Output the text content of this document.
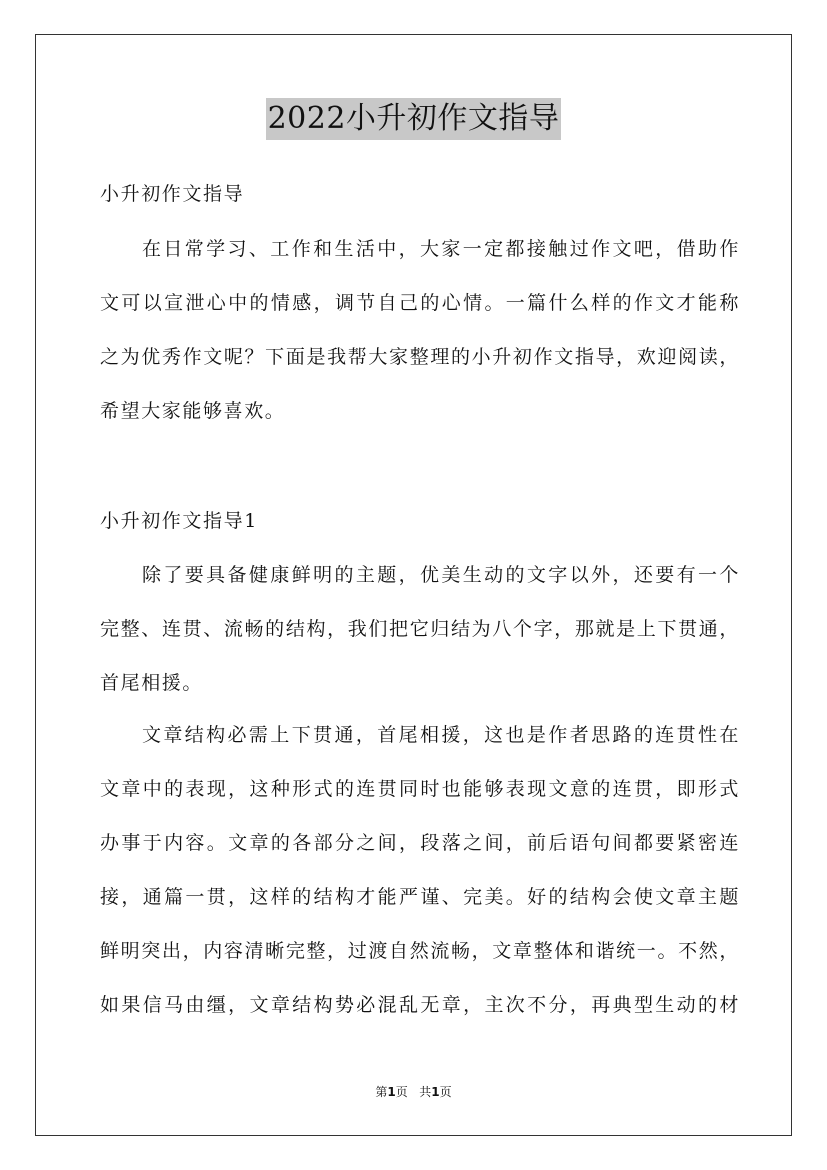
2022小升初作文指导
小升初作文指导
在日常学习、工作和生活中，大家一定都接触过作文吧，借助作
文可以宣泄心中的情感，调节自己的心情。一篇什么样的作文才能称
之为优秀作文呢？下面是我帮大家整理的小升初作文指导，欢迎阅读，
希望大家能够喜欢。
小升初作文指导1
除了要具备健康鲜明的主题，优美生动的文字以外，还要有一个
完整、连贯、流畅的结构，我们把它归结为八个字，那就是上下贯通，
首尾相援。
文章结构必需上下贯通，首尾相援，这也是作者思路的连贯性在
文章中的表现，这种形式的连贯同时也能够表现文意的连贯，即形式
办事于内容。文章的各部分之间，段落之间，前后语句间都要紧密连
接，通篇一贯，这样的结构才能严谨、完美。好的结构会使文章主题
鲜明突出，内容清晰完整，过渡自然流畅，文章整体和谐统一。不然，
如果信马由缰，文章结构势必混乱无章，主次不分，再典型生动的材
第1页 共1页
